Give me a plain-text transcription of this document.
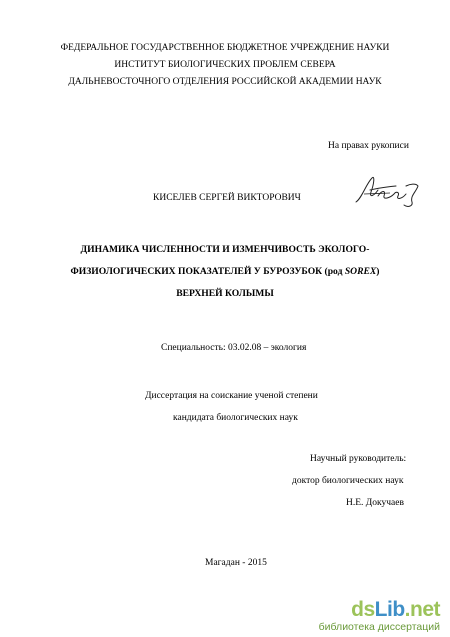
ФЕДЕРАЛЬНОЕ ГОСУДАРСТВЕННОЕ БЮДЖЕТНОЕ УЧРЕЖДЕНИЕ НАУКИ
ИНСТИТУТ БИОЛОГИЧЕСКИХ ПРОБЛЕМ СЕВЕРА
ДАЛЬНЕВОСТОЧНОГО ОТДЕЛЕНИЯ РОССИЙСКОЙ АКАДЕМИИ НАУК
На правах рукописи
КИСЕЛЕВ СЕРГЕЙ ВИКТОРОВИЧ
ДИНАМИКА ЧИСЛЕННОСТИ И ИЗМЕНЧИВОСТЬ ЭКОЛОГО-
ФИЗИОЛОГИЧЕСКИХ ПОКАЗАТЕЛЕЙ У БУРОЗУБОК (род SOREX)
ВЕРХНЕЙ КОЛЫМЫ
Специальность: 03.02.08 – экология
Диссертация на соискание ученой степени
кандидата биологических наук
Научный руководитель:
доктор биологических наук
Н.Е. Докучаев
Магадан - 2015
dsLib.net
библиотека диссертаций
